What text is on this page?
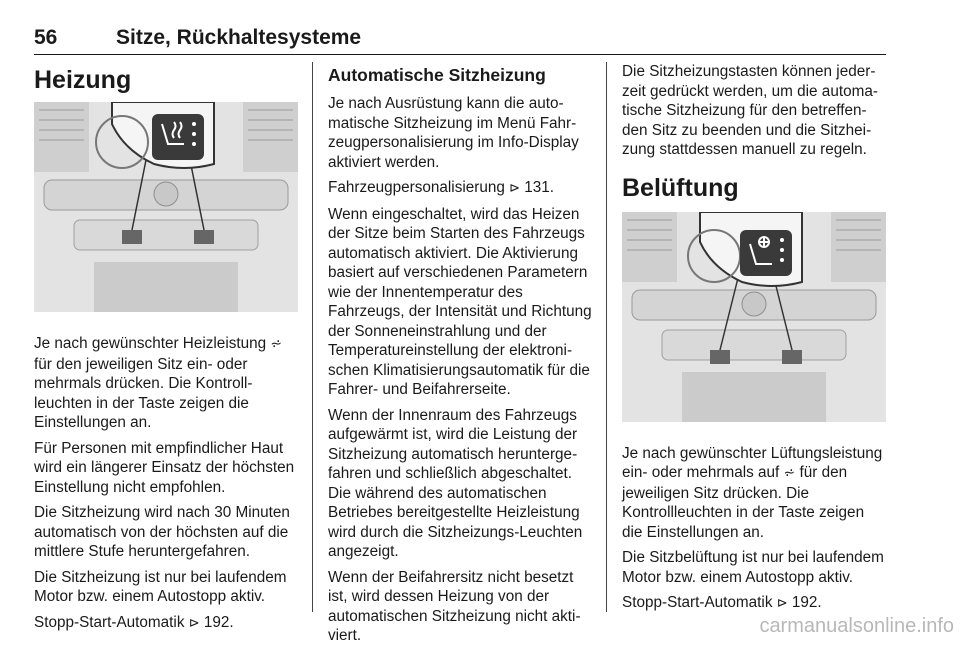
56	Sitze, Rückhaltesysteme
Heizung

Je nach gewünschter Heizleistung ⩫ für den jeweiligen Sitz ein- oder mehrmals drücken. Die Kontrollleuchten in der Taste zeigen die Einstellungen an.

Für Personen mit empfindlicher Haut wird ein längerer Einsatz der höchsten Einstellung nicht empfohlen.

Die Sitzheizung wird nach 30 Minuten automatisch von der höchsten auf die mittlere Stufe heruntergefahren.

Die Sitzheizung ist nur bei laufendem Motor bzw. einem Autostopp aktiv.

Stopp-Start-Automatik ⊳ 192.

Automatische Sitzheizung

Je nach Ausrüstung kann die automatische Sitzheizung im Menü Fahrzeugpersonalisierung im Info-Display aktiviert werden.

Fahrzeugpersonalisierung ⊳ 131.

Wenn eingeschaltet, wird das Heizen der Sitze beim Starten des Fahrzeugs automatisch aktiviert. Die Aktivierung basiert auf verschiedenen Parametern wie der Innentemperatur des Fahrzeugs, der Intensität und Richtung der Sonneneinstrahlung und der Temperatureinstellung der elektronischen Klimatisierungsautomatik für die Fahrer- und Beifahrerseite.

Wenn der Innenraum des Fahrzeugs aufgewärmt ist, wird die Leistung der Sitzheizung automatisch heruntergefahren und schließlich abgeschaltet. Die während des automatischen Betriebes bereitgestellte Heizleistung wird durch die Sitzheizungs-Leuchten angezeigt.

Wenn der Beifahrersitz nicht besetzt ist, wird dessen Heizung von der automatischen Sitzheizung nicht aktiviert.

Die Sitzheizungstasten können jederzeit gedrückt werden, um die automatische Sitzheizung für den betreffenden Sitz zu beenden und die Sitzheizung stattdessen manuell zu regeln.

Belüftung

Je nach gewünschter Lüftungsleistung ein- oder mehrmals auf ⩫ für den jeweiligen Sitz drücken. Die Kontrollleuchten in der Taste zeigen die Einstellungen an.

Die Sitzbelüftung ist nur bei laufendem Motor bzw. einem Autostopp aktiv.

Stopp-Start-Automatik ⊳ 192.

carmanualsonline.info
